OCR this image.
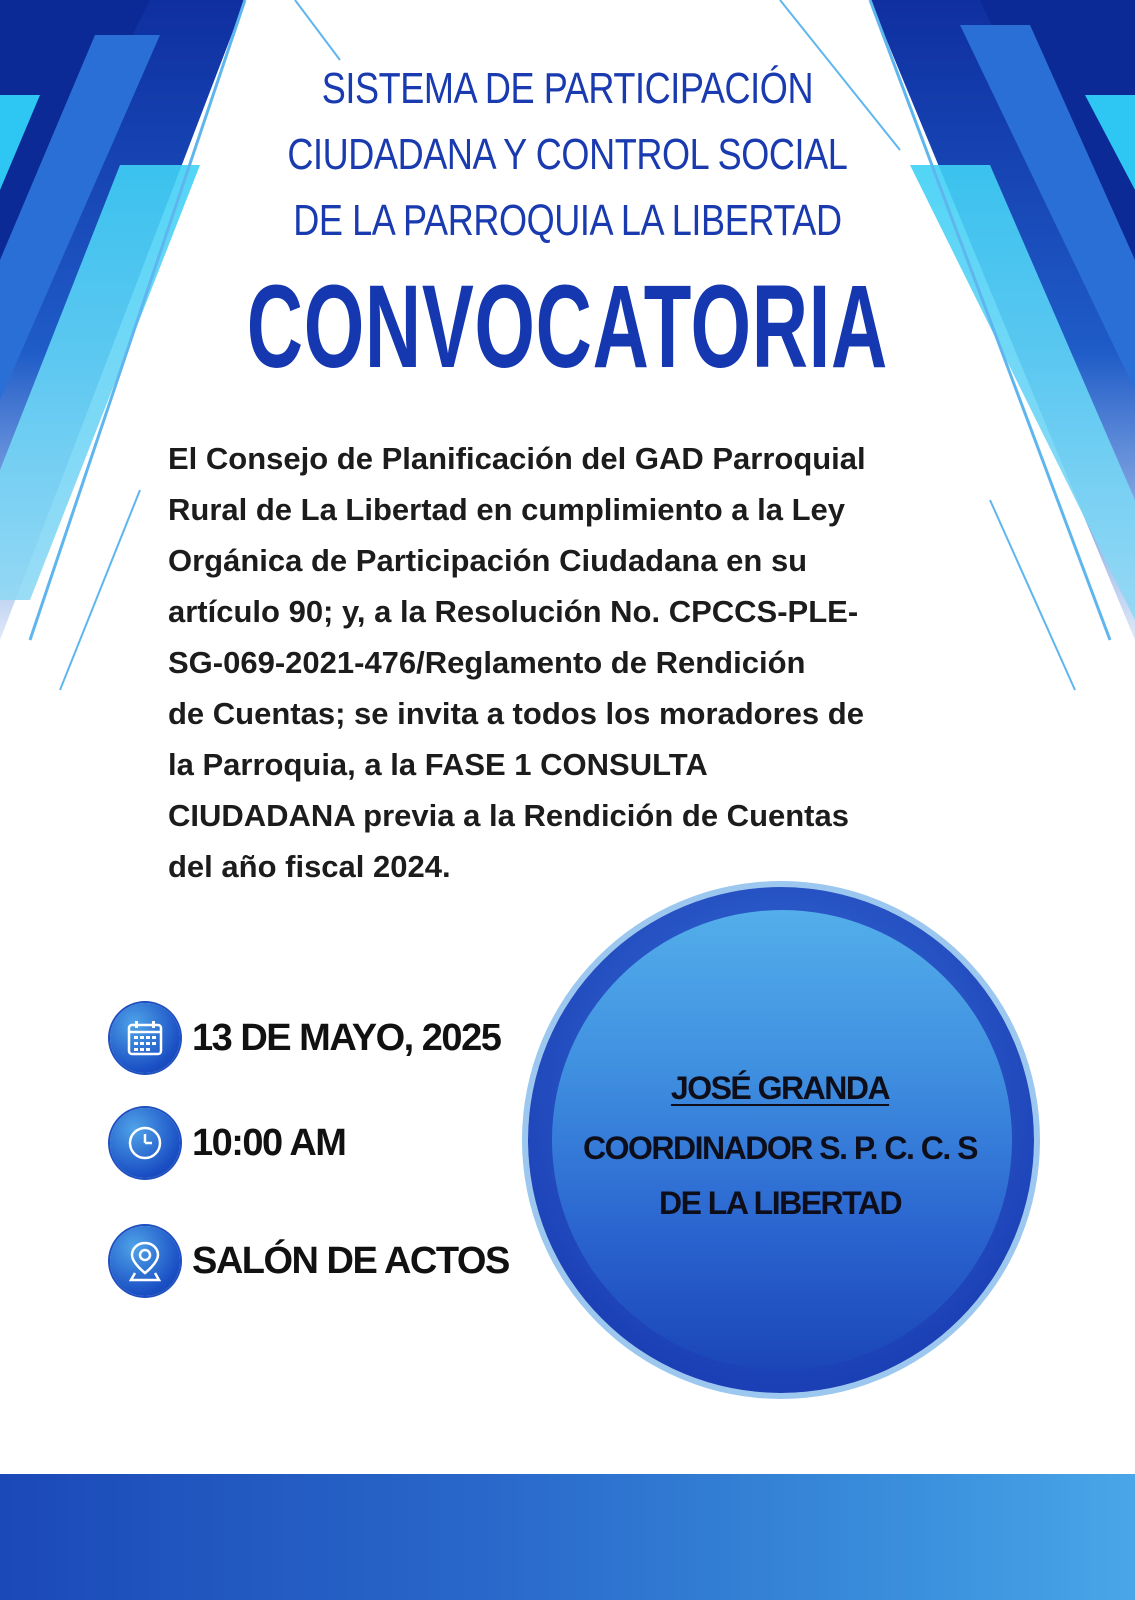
SISTEMA DE PARTICIPACIÓN
CIUDADANA Y CONTROL SOCIAL
DE LA PARROQUIA LA LIBERTAD
CONVOCATORIA
El Consejo de Planificación del GAD Parroquial
Rural de La Libertad en cumplimiento a la Ley
Orgánica de Participación Ciudadana en su
artículo 90; y, a la Resolución No. CPCCS-PLE-
SG-069-2021-476/Reglamento de Rendición
de Cuentas; se invita a todos los moradores de
la Parroquia, a la FASE 1 CONSULTA
CIUDADANA previa a la Rendición de Cuentas
del año fiscal 2024.
13 DE MAYO, 2025
10:00 AM
SALÓN DE ACTOS
JOSÉ GRANDA
COORDINADOR S. P. C. C. S
DE LA LIBERTAD
